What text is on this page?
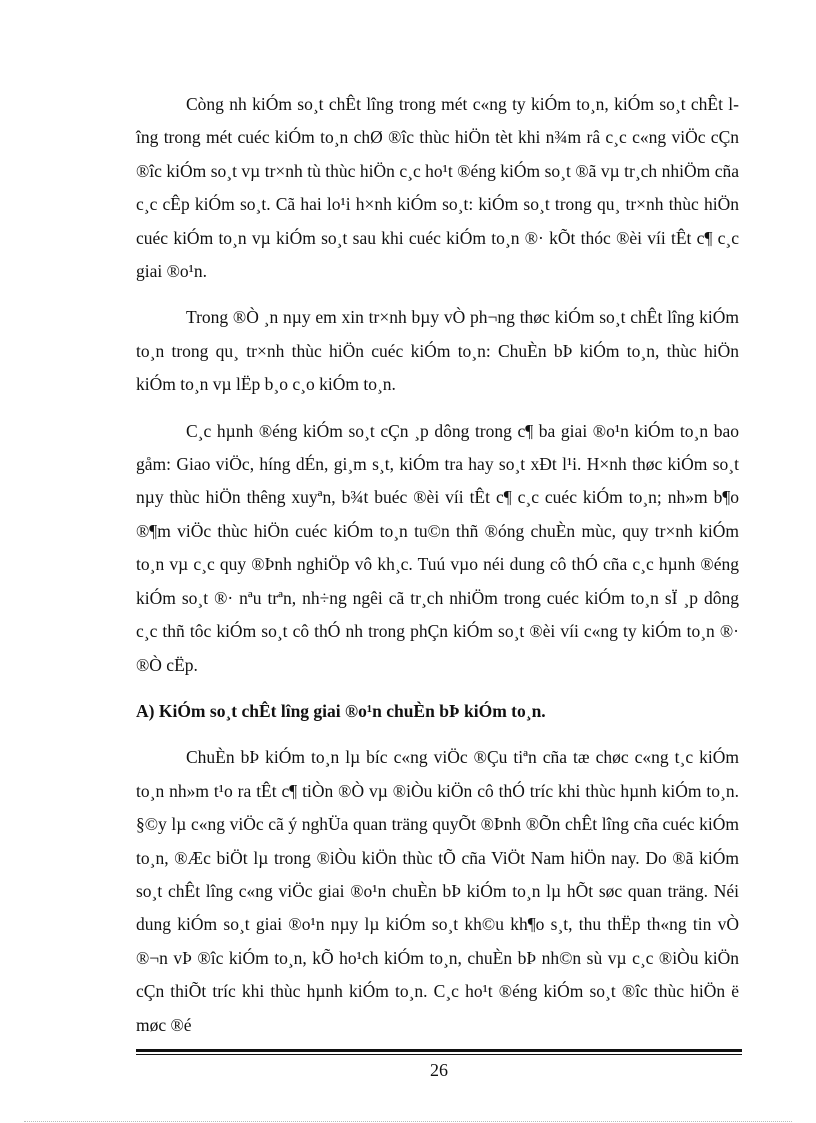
Còng nh kiÓm so¸t chÊt lîng trong mét c«ng ty kiÓm to¸n, kiÓm so¸t chÊt lîng trong mét cuéc kiÓm to¸n chØ ®îc thùc hiÖn tèt khi n¾m râ c¸c c«ng viÖc cÇn ®îc kiÓm so¸t vµ tr×nh tù thùc hiÖn c¸c ho¹t ®éng kiÓm so¸t ®ã vµ tr¸ch nhiÖm cña c¸c cÊp kiÓm so¸t. Cã hai lo¹i h×nh kiÓm so¸t: kiÓm so¸t trong qu¸ tr×nh thùc hiÖn cuéc kiÓm to¸n vµ kiÓm so¸t sau khi cuéc kiÓm to¸n ®· kÕt thóc ®èi víi tÊt c¶ c¸c giai ®o¹n.

Trong ®Ò ¸n nµy em xin tr×nh bµy vÒ ph¬ng thøc kiÓm so¸t chÊt lîng kiÓm to¸n trong qu¸ tr×nh thùc hiÖn cuéc kiÓm to¸n: ChuÈn bÞ kiÓm to¸n, thùc hiÖn kiÓm to¸n vµ lËp b¸o c¸o kiÓm to¸n.

C¸c hµnh ®éng kiÓm so¸t cÇn ¸p dông trong c¶ ba giai ®o¹n kiÓm to¸n bao gåm: Giao viÖc, híng dÉn, gi¸m s¸t, kiÓm tra hay so¸t xÐt l¹i. H×nh thøc kiÓm so¸t nµy thùc hiÖn thêng xuyªn, b¾t buéc ®èi víi tÊt c¶ c¸c cuéc kiÓm to¸n; nh»m b¶o ®¶m viÖc thùc hiÖn cuéc kiÓm to¸n tu©n thñ ®óng chuÈn mùc, quy tr×nh kiÓm to¸n vµ c¸c quy ®Þnh nghiÖp vô kh¸c. Tuú vµo néi dung cô thÓ cña c¸c hµnh ®éng kiÓm so¸t ®· nªu trªn, nh÷ng ngêi cã tr¸ch nhiÖm trong cuéc kiÓm to¸n sÏ ¸p dông c¸c thñ tôc kiÓm so¸t cô thÓ nh trong phÇn kiÓm so¸t ®èi víi c«ng ty kiÓm to¸n ®· ®Ò cËp.

A) KiÓm so¸t chÊt lîng giai ®o¹n chuÈn bÞ kiÓm to¸n.

ChuÈn bÞ kiÓm to¸n lµ bíc c«ng viÖc ®Çu tiªn cña tæ chøc c«ng t¸c kiÓm to¸n nh»m t¹o ra tÊt c¶ tiÒn ®Ò vµ ®iÒu kiÖn cô thÓ tríc khi thùc hµnh kiÓm to¸n. §©y lµ c«ng viÖc cã ý nghÜa quan träng quyÕt ®Þnh ®Õn chÊt lîng cña cuéc kiÓm to¸n, ®Æc biÖt lµ trong ®iÒu kiÖn thùc tÕ cña ViÖt Nam hiÖn nay. Do ®ã kiÓm so¸t chÊt lîng c«ng viÖc giai ®o¹n chuÈn bÞ kiÓm to¸n lµ hÕt søc quan träng. Néi dung kiÓm so¸t giai ®o¹n nµy lµ kiÓm so¸t kh©u kh¶o s¸t, thu thËp th«ng tin vÒ ®¬n vÞ ®îc kiÓm to¸n, kÕ ho¹ch kiÓm to¸n, chuÈn bÞ nh©n sù vµ c¸c ®iÒu kiÖn cÇn thiÕt tríc khi thùc hµnh kiÓm to¸n. C¸c ho¹t ®éng kiÓm so¸t ®îc thùc hiÖn ë møc ®é

26
